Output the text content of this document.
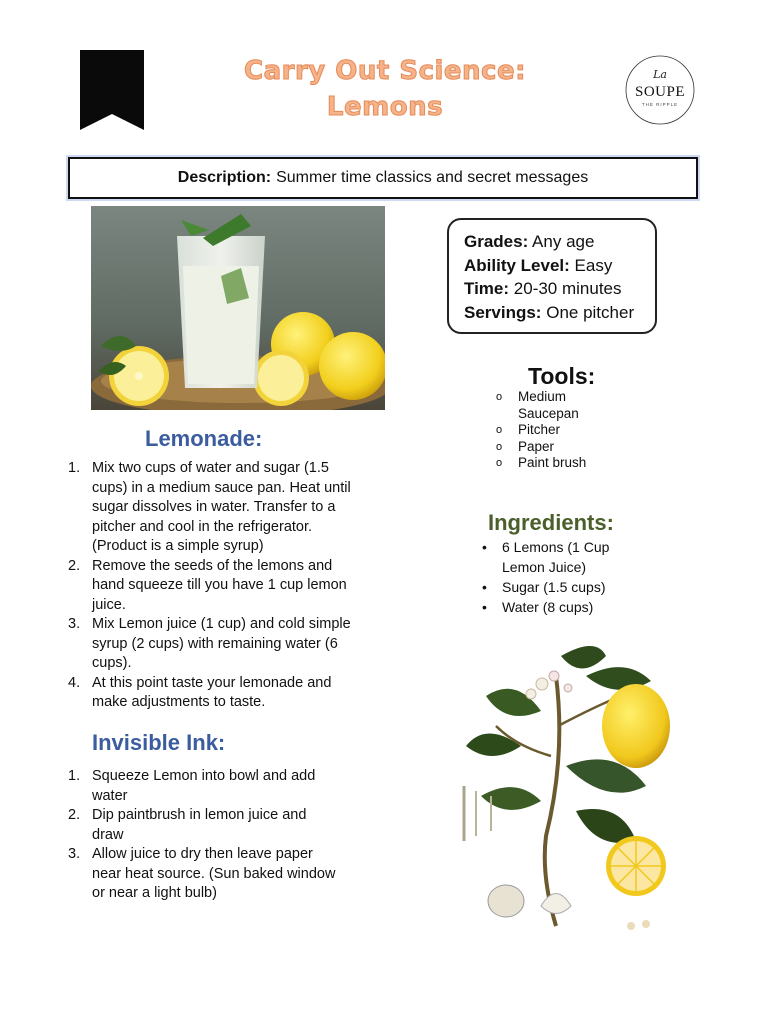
CMC
Carry Out Science:
Lemons
La
SOUPE
THE RIPPLE
Description: Summer time classics and secret messages
Grades: Any age
Ability Level: Easy
Time: 20-30 minutes
Servings: One pitcher
Tools:
o Medium Saucepan
o Pitcher
o Paper
o Paint brush
Ingredients:
• 6 Lemons (1 Cup Lemon Juice)
• Sugar (1.5 cups)
• Water (8 cups)
Lemonade:
1. Mix two cups of water and sugar (1.5 cups) in a medium sauce pan. Heat until sugar dissolves in water. Transfer to a pitcher and cool in the refrigerator. (Product is a simple syrup)
2. Remove the seeds of the lemons and hand squeeze till you have 1 cup lemon juice.
3. Mix Lemon juice (1 cup) and cold simple syrup (2 cups) with remaining water (6 cups).
4. At this point taste your lemonade and make adjustments to taste.
Invisible Ink:
1. Squeeze Lemon into bowl and add water
2. Dip paintbrush in lemon juice and draw
3. Allow juice to dry then leave paper near heat source. (Sun baked window or near a light bulb)
